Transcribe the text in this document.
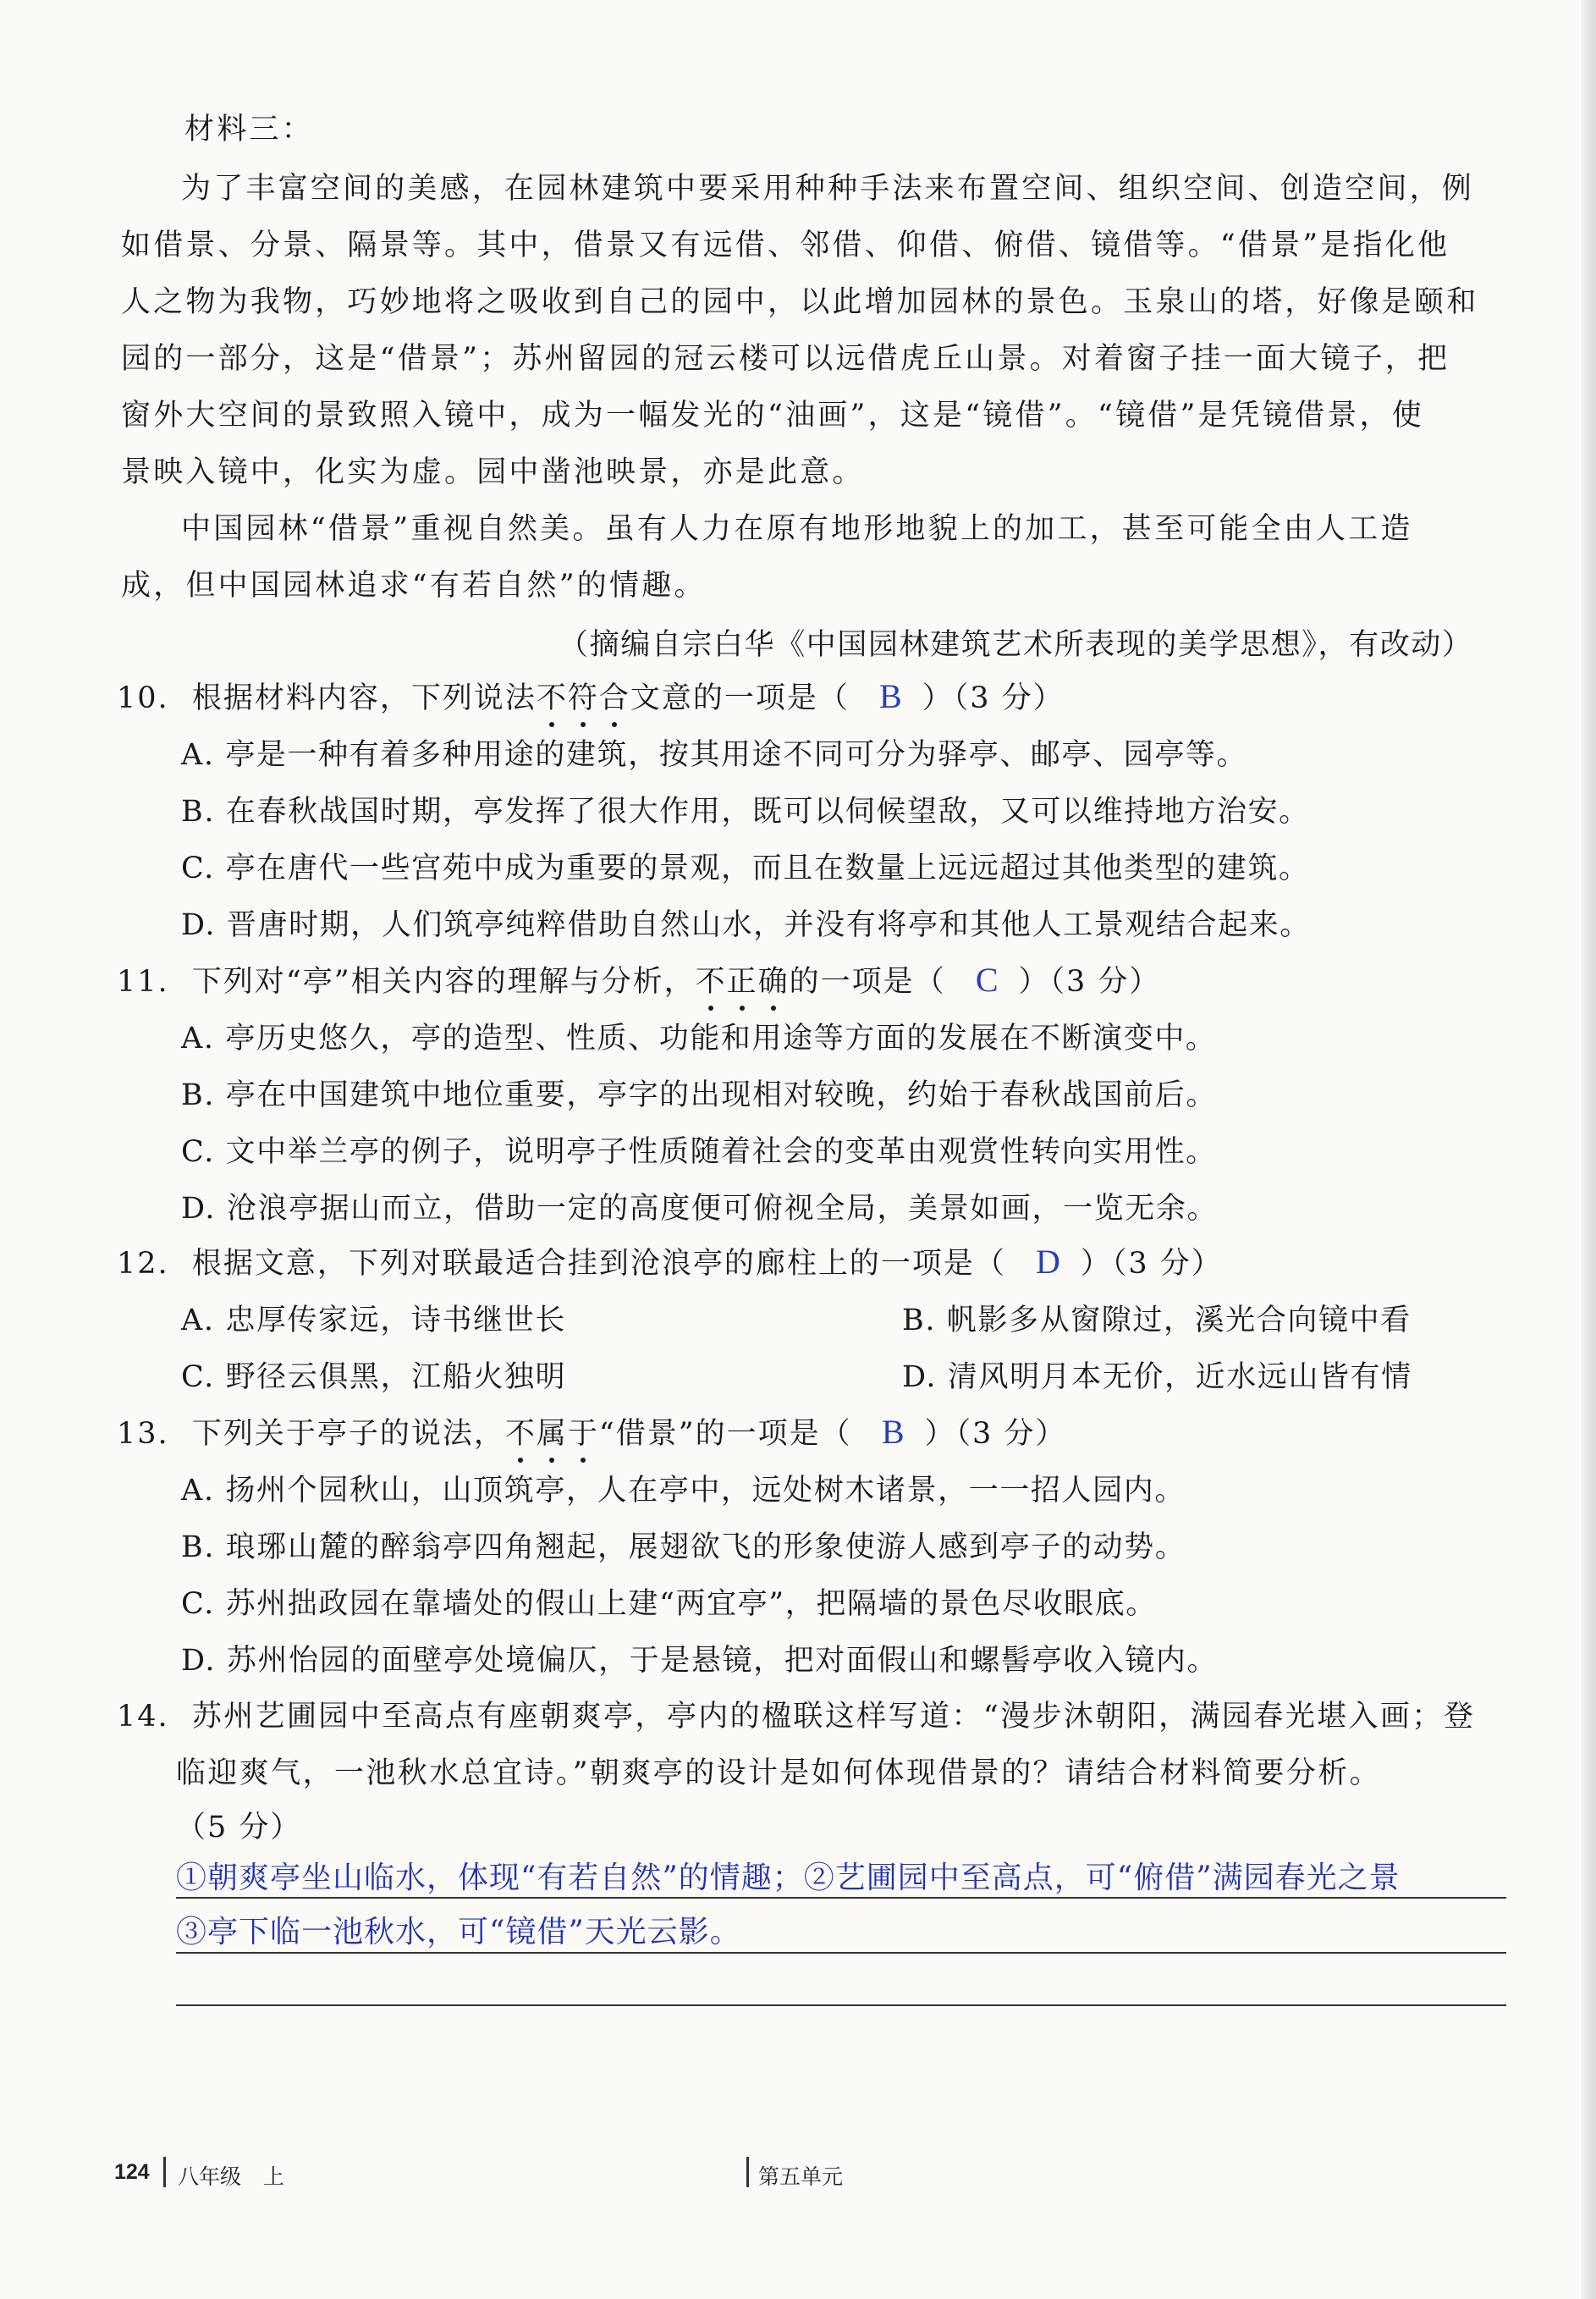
材料三：
为了丰富空间的美感，在园林建筑中要采用种种手法来布置空间、组织空间、创造空间，例
如借景、分景、隔景等。其中，借景又有远借、邻借、仰借、俯借、镜借等。“借景”是指化他
人之物为我物，巧妙地将之吸收到自己的园中，以此增加园林的景色。玉泉山的塔，好像是颐和
园的一部分，这是“借景”；苏州留园的冠云楼可以远借虎丘山景。对着窗子挂一面大镜子，把
窗外大空间的景致照入镜中，成为一幅发光的“油画”，这是“镜借”。“镜借”是凭镜借景，使
景映入镜中，化实为虚。园中凿池映景，亦是此意。
中国园林“借景”重视自然美。虽有人力在原有地形地貌上的加工，甚至可能全由人工造
成，但中国园林追求“有若自然”的情趣。
（摘编自宗白华《中国园林建筑艺术所表现的美学思想》，有改动）
10. 根据材料内容，下列说法不符合文意的一项是（ B ）（3 分）
A. 亭是一种有着多种用途的建筑，按其用途不同可分为驿亭、邮亭、园亭等。
B. 在春秋战国时期，亭发挥了很大作用，既可以伺候望敌，又可以维持地方治安。
C. 亭在唐代一些宫苑中成为重要的景观，而且在数量上远远超过其他类型的建筑。
D. 晋唐时期，人们筑亭纯粹借助自然山水，并没有将亭和其他人工景观结合起来。
11. 下列对“亭”相关内容的理解与分析，不正确的一项是（ C ）（3 分）
A. 亭历史悠久，亭的造型、性质、功能和用途等方面的发展在不断演变中。
B. 亭在中国建筑中地位重要，亭字的出现相对较晚，约始于春秋战国前后。
C. 文中举兰亭的例子，说明亭子性质随着社会的变革由观赏性转向实用性。
D. 沧浪亭据山而立，借助一定的高度便可俯视全局，美景如画，一览无余。
12. 根据文意，下列对联最适合挂到沧浪亭的廊柱上的一项是（ D ）（3 分）
A. 忠厚传家远，诗书继世长	B. 帆影多从窗隙过，溪光合向镜中看
C. 野径云俱黑，江船火独明	D. 清风明月本无价，近水远山皆有情
13. 下列关于亭子的说法，不属于“借景”的一项是（ B ）（3 分）
A. 扬州个园秋山，山顶筑亭，人在亭中，远处树木诸景，一一招人园内。
B. 琅琊山麓的醉翁亭四角翘起，展翅欲飞的形象使游人感到亭子的动势。
C. 苏州拙政园在靠墙处的假山上建“两宜亭”，把隔墙的景色尽收眼底。
D. 苏州怡园的面壁亭处境偏仄，于是悬镜，把对面假山和螺髻亭收入镜内。
14. 苏州艺圃园中至高点有座朝爽亭，亭内的楹联这样写道：“漫步沐朝阳，满园春光堪入画；登
临迎爽气，一池秋水总宜诗。”朝爽亭的设计是如何体现借景的？请结合材料简要分析。
（5 分）
①朝爽亭坐山临水，体现“有若自然”的情趣；②艺圃园中至高点，可“俯借”满园春光之景
③亭下临一池秋水，可“镜借”天光云影。
124 八年级 上	第五单元
